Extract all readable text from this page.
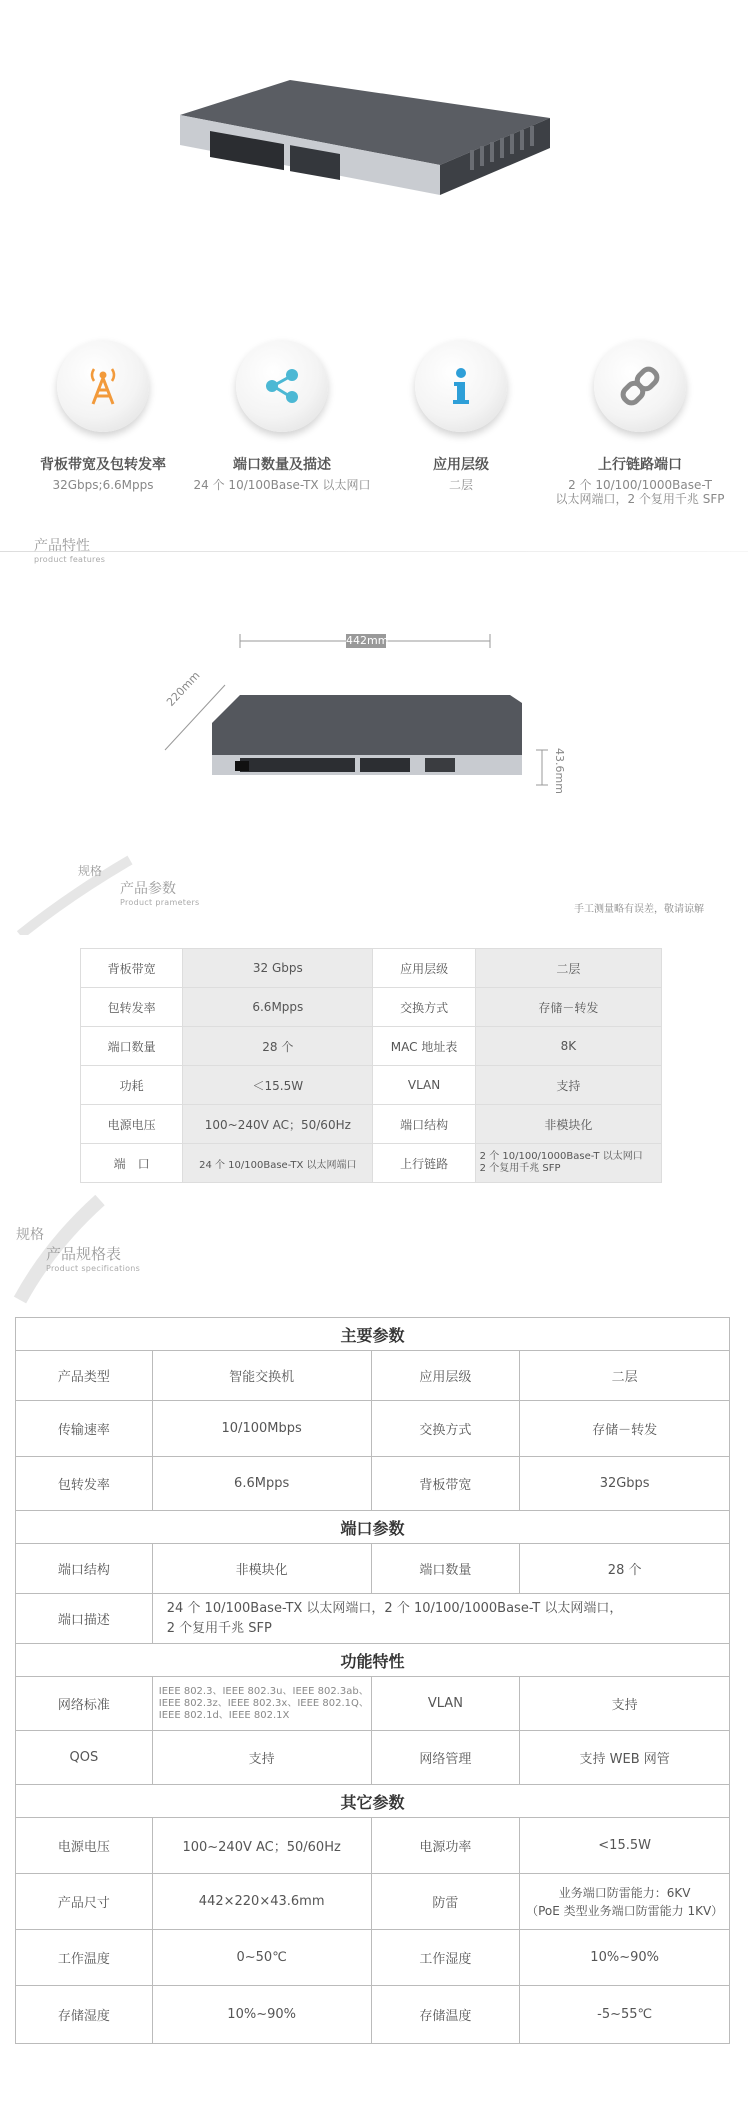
背板带宽及包转发率
32Gbps;6.6Mpps
端口数量及描述
24 个 10/100Base-TX 以太网口
应用层级
二层
上行链路端口
2 个 10/100/1000Base-T
以太网端口，2 个复用千兆 SFP
产品特性
product features
442mm
220mm
43.6mm
规格
产品参数
Product prameters
手工测量略有误差，敬请谅解
背板带宽	32 Gbps	应用层级	二层
包转发率	6.6Mpps	交换方式	存储－转发
端口数量	28 个	MAC 地址表	8K
功耗	＜15.5W	VLAN	支持
电源电压	100~240V AC；50/60Hz	端口结构	非模块化
端　口	24 个 10/100Base-TX 以太网端口	上行链路	2 个 10/100/1000Base-T 以太网口
2 个复用千兆 SFP
规格
产品规格表
Product specifications
主要参数			
产品类型	智能交换机	应用层级	二层
传输速率	10/100Mbps	交换方式	存储－转发
包转发率	6.6Mpps	背板带宽	32Gbps
端口参数			
端口结构	非模块化	端口数量	28 个
端口描述	24 个 10/100Base-TX 以太网端口，2 个 10/100/1000Base-T 以太网端口，
2 个复用千兆 SFP		
功能特性			
网络标准	IEEE 802.3、IEEE 802.3u、IEEE 802.3ab、
IEEE 802.3z、IEEE 802.3x、IEEE 802.1Q、
IEEE 802.1d、IEEE 802.1X	VLAN	支持
QOS	支持	网络管理	支持 WEB 网管
其它参数			
电源电压	100~240V AC；50/60Hz	电源功率	<15.5W
产品尺寸	442×220×43.6mm	防雷	业务端口防雷能力：6KV
（PoE 类型业务端口防雷能力 1KV）
工作温度	0~50℃	工作湿度	10%~90%
存储湿度	10%~90%	存储温度	-5~55℃
